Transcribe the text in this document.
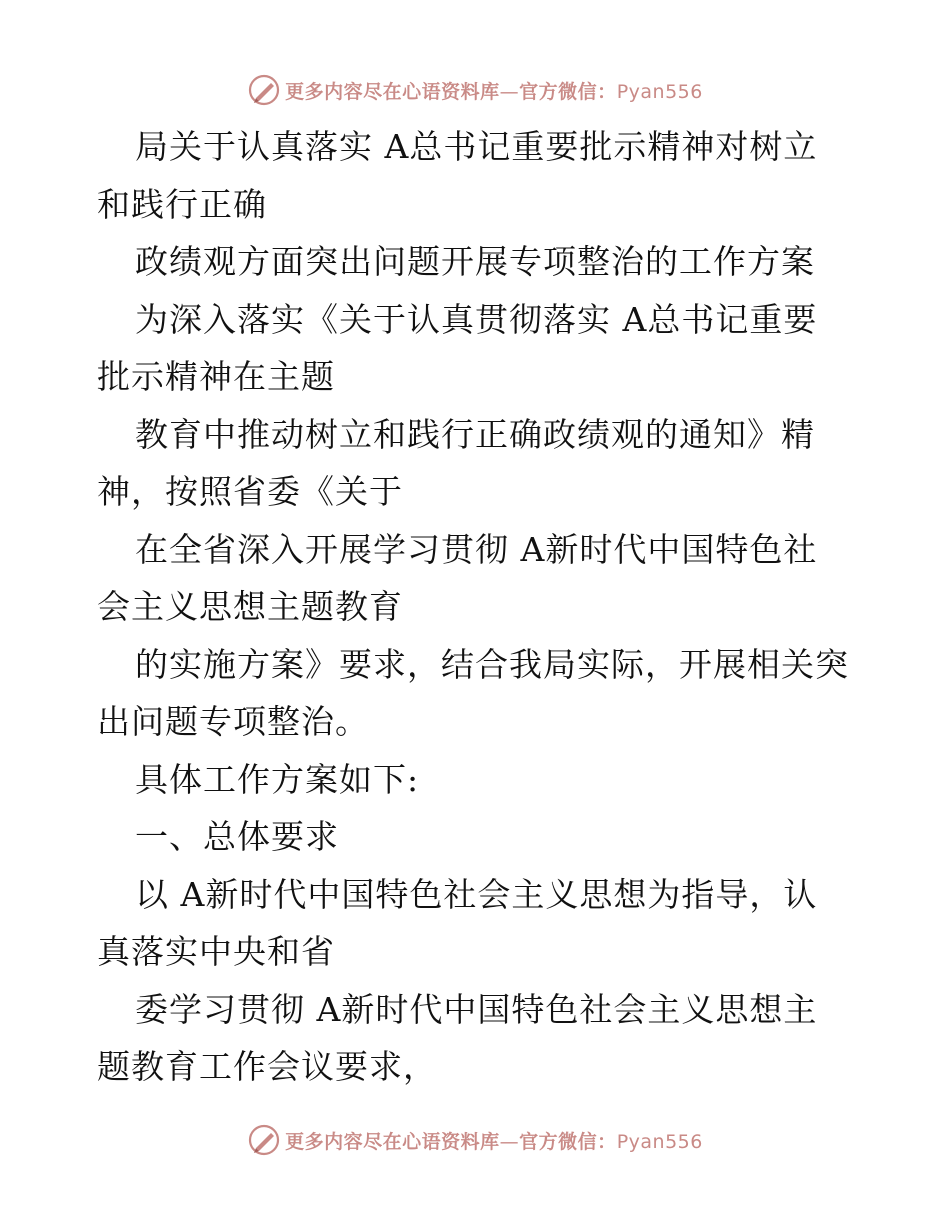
更多内容尽在心语资料库—官方微信：Pyan556
局关于认真落实 A总书记重要批示精神对树立
和践行正确
政绩观方面突出问题开展专项整治的工作方案
为深入落实《关于认真贯彻落实 A总书记重要
批示精神在主题
教育中推动树立和践行正确政绩观的通知》精
神，按照省委《关于
在全省深入开展学习贯彻 A新时代中国特色社
会主义思想主题教育
的实施方案》要求，结合我局实际，开展相关突
出问题专项整治。
具体工作方案如下:
一、总体要求
以 A新时代中国特色社会主义思想为指导，认
真落实中央和省
委学习贯彻 A新时代中国特色社会主义思想主
题教育工作会议要求，
更多内容尽在心语资料库—官方微信：Pyan556
